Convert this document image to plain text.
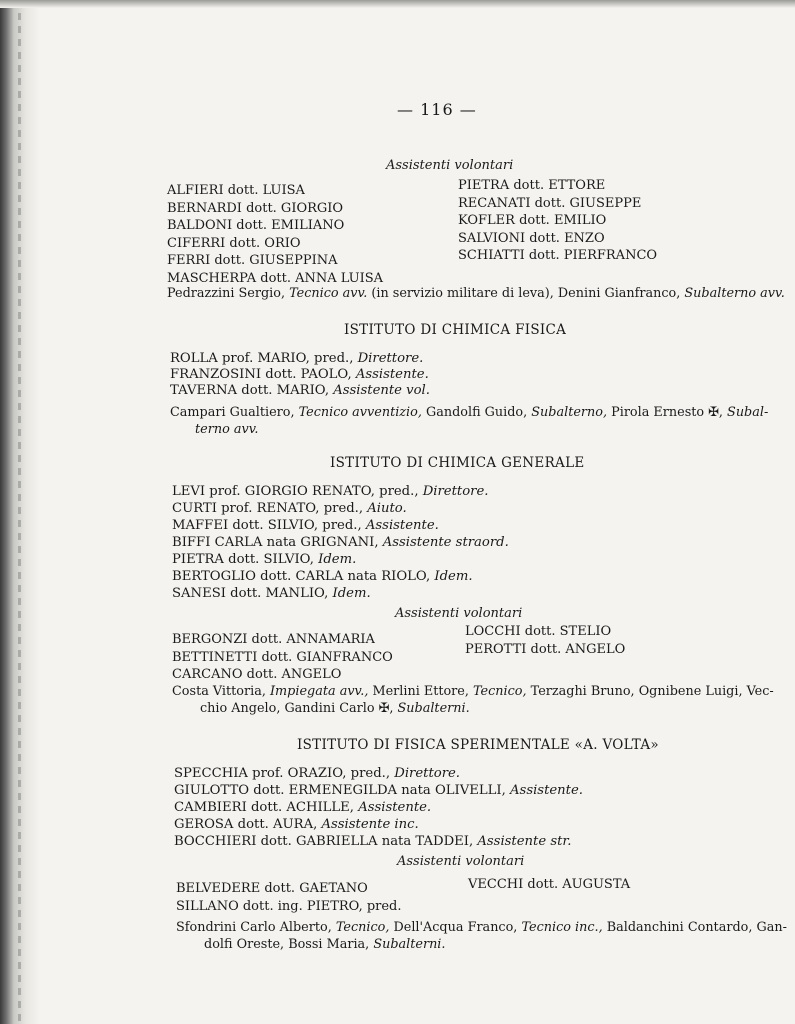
— 116 —
Assistenti volontari
ALFIERI dott. LUISA
BERNARDI dott. GIORGIO
BALDONI dott. EMILIANO
CIFERRI dott. ORIO
FERRI dott. GIUSEPPINA
MASCHERPA dott. ANNA LUISA
PIETRA dott. ETTORE
RECANATI dott. GIUSEPPE
KOFLER dott. EMILIO
SALVIONI dott. ENZO
SCHIATTI dott. PIERFRANCO
Pedrazzini Sergio, Tecnico avv. (in servizio militare di leva), Denini Gianfranco, Subalterno avv.
ISTITUTO DI CHIMICA FISICA
ROLLA prof. MARIO, pred., Direttore.
FRANZOSINI dott. PAOLO, Assistente.
TAVERNA dott. MARIO, Assistente vol.
Campari Gualtiero, Tecnico avventizio, Gandolfi Guido, Subalterno, Pirola Ernesto ✠, Subal-
terno avv.
ISTITUTO DI CHIMICA GENERALE
LEVI prof. GIORGIO RENATO, pred., Direttore.
CURTI prof. RENATO, pred., Aiuto.
MAFFEI dott. SILVIO, pred., Assistente.
BIFFI CARLA nata GRIGNANI, Assistente straord.
PIETRA dott. SILVIO, Idem.
BERTOGLIO dott. CARLA nata RIOLO, Idem.
SANESI dott. MANLIO, Idem.
Assistenti volontari
BERGONZI dott. ANNAMARIA
BETTINETTI dott. GIANFRANCO
CARCANO dott. ANGELO
LOCCHI dott. STELIO
PEROTTI dott. ANGELO
Costa Vittoria, Impiegata avv., Merlini Ettore, Tecnico, Terzaghi Bruno, Ognibene Luigi, Vec-
chio Angelo, Gandini Carlo ✠, Subalterni.
ISTITUTO DI FISICA SPERIMENTALE «A. VOLTA»
SPECCHIA prof. ORAZIO, pred., Direttore.
GIULOTTO dott. ERMENEGILDA nata OLIVELLI, Assistente.
CAMBIERI dott. ACHILLE, Assistente.
GEROSA dott. AURA, Assistente inc.
BOCCHIERI dott. GABRIELLA nata TADDEI, Assistente str.
Assistenti volontari
BELVEDERE dott. GAETANO
SILLANO dott. ing. PIETRO, pred.
VECCHI dott. AUGUSTA
Sfondrini Carlo Alberto, Tecnico, Dell'Acqua Franco, Tecnico inc., Baldanchini Contardo, Gan-
dolfi Oreste, Bossi Maria, Subalterni.
